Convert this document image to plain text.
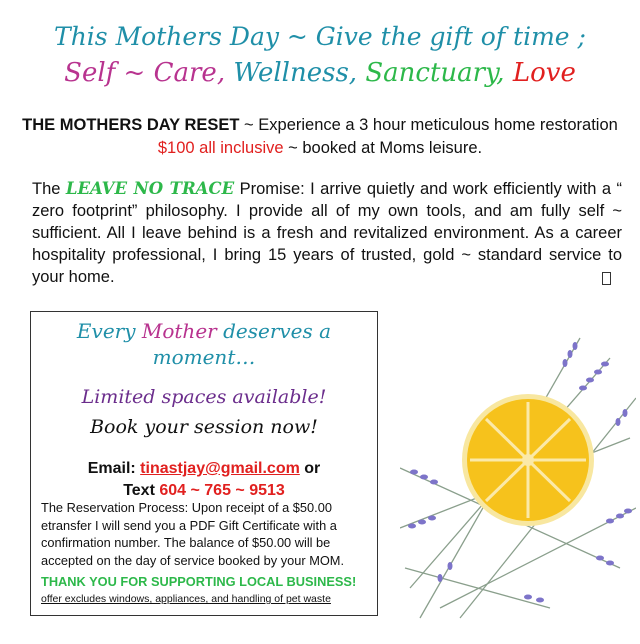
This Mothers Day ~ Give the gift of time ;
Self ~ Care, Wellness, Sanctuary, Love
THE MOTHERS DAY RESET ~ Experience a 3 hour meticulous home restoration $100 all inclusive ~ booked at Moms leisure.
The LEAVE NO TRACE Promise: I arrive quietly and work efficiently with a “ zero footprint” philosophy. I provide all of my own tools, and am fully self ~ sufficient. All I leave behind is a fresh and revitalized environment. As a career hospitality professional, I bring 15 years of trusted, gold ~ standard service to your home.
Every Mother deserves a
moment…
Limited spaces available!
Book your session now!
Email: tinastjay@gmail.com or
Text 604 ~ 765 ~ 9513
The Reservation Process: Upon receipt of a $50.00 etransfer I will send you a PDF Gift Certificate with a confirmation number. The balance of $50.00 will be accepted on the day of service booked by your MOM.
THANK YOU FOR SUPPORTING LOCAL BUSINESS!
offer excludes windows, appliances, and handling of pet waste
